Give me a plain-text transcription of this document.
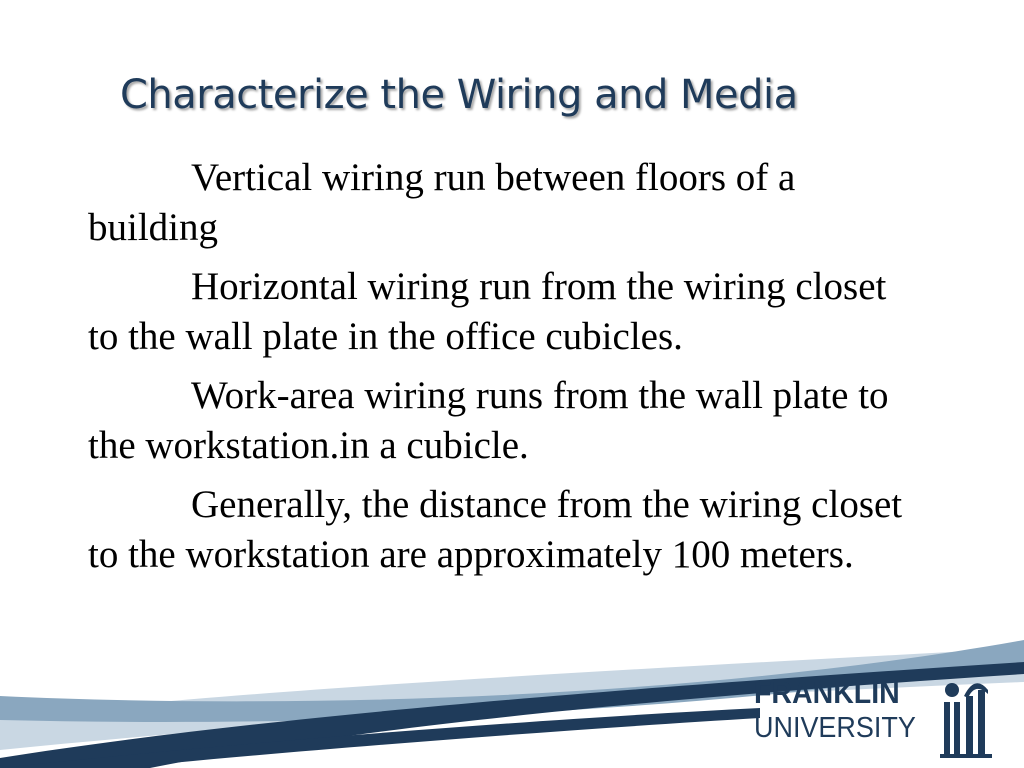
Characterize the Wiring and Media

Vertical wiring run between floors of a building

Horizontal wiring run from the wiring closet to the wall plate in the office cubicles.

Work-area wiring runs from the wall plate to the workstation.in a cubicle.

Generally, the distance from the wiring closet to the workstation are approximately 100 meters.

FRANKLIN
UNIVERSITY
